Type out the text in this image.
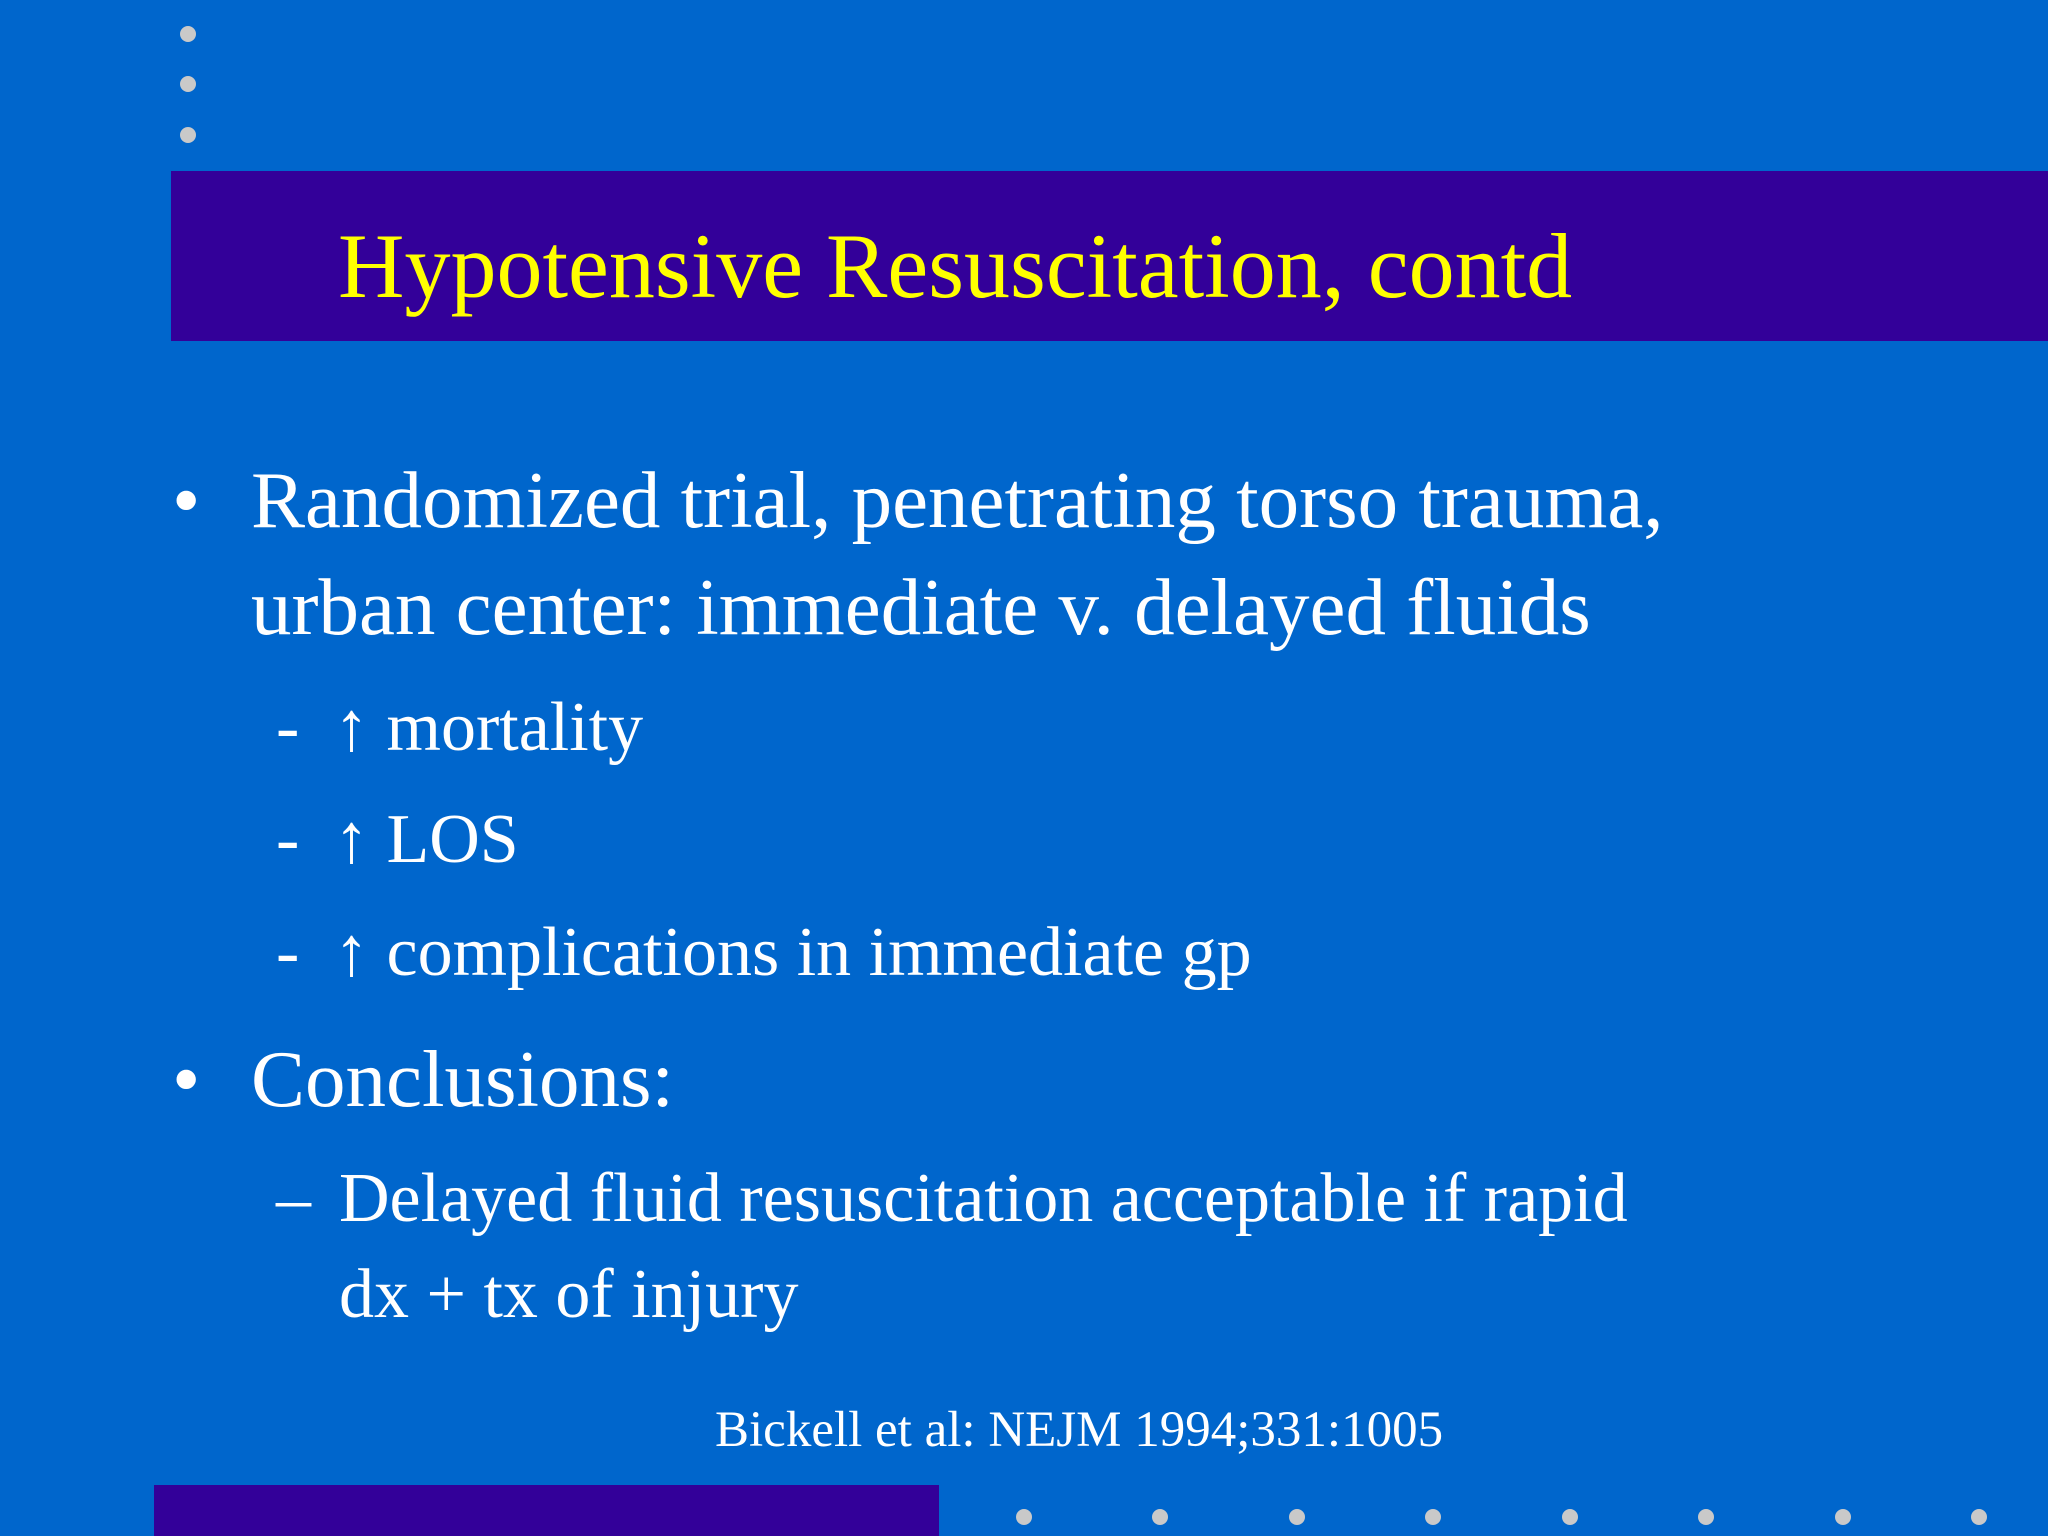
Hypotensive Resuscitation, contd
• Randomized trial, penetrating torso trauma,
urban center: immediate v. delayed fluids
- ↑ mortality
- ↑ LOS
- ↑ complications in immediate gp
• Conclusions:
– Delayed fluid resuscitation acceptable if rapid
dx + tx of injury
Bickell et al: NEJM 1994;331:1005
